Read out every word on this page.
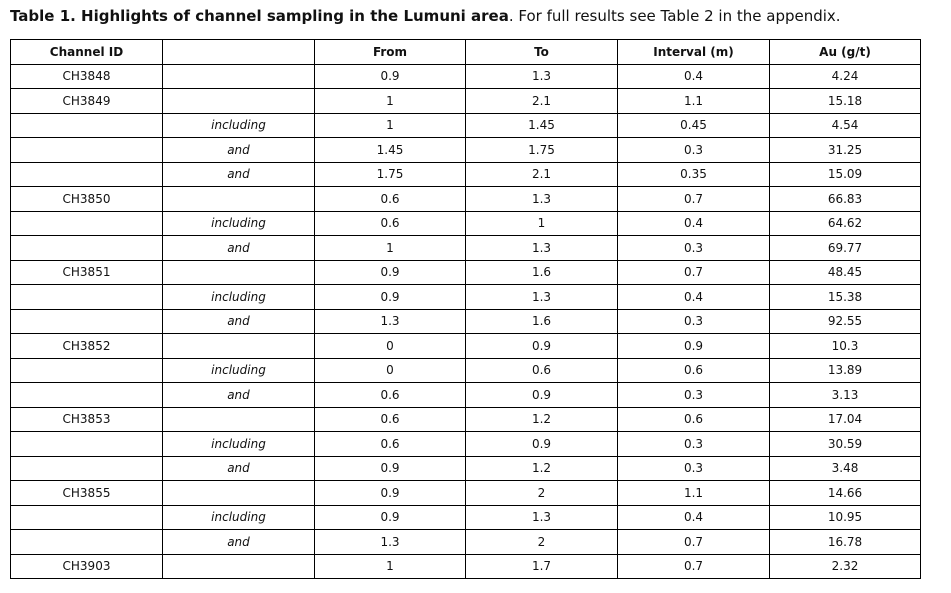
Table 1. Highlights of channel sampling in the Lumuni area. For full results see Table 2 in the appendix.
Channel ID		From	To	Interval (m)	Au (g/t)
CH3848		0.9	1.3	0.4	4.24
CH3849		1	2.1	1.1	15.18
	including	1	1.45	0.45	4.54
	and	1.45	1.75	0.3	31.25
	and	1.75	2.1	0.35	15.09
CH3850		0.6	1.3	0.7	66.83
	including	0.6	1	0.4	64.62
	and	1	1.3	0.3	69.77
CH3851		0.9	1.6	0.7	48.45
	including	0.9	1.3	0.4	15.38
	and	1.3	1.6	0.3	92.55
CH3852		0	0.9	0.9	10.3
	including	0	0.6	0.6	13.89
	and	0.6	0.9	0.3	3.13
CH3853		0.6	1.2	0.6	17.04
	including	0.6	0.9	0.3	30.59
	and	0.9	1.2	0.3	3.48
CH3855		0.9	2	1.1	14.66
	including	0.9	1.3	0.4	10.95
	and	1.3	2	0.7	16.78
CH3903		1	1.7	0.7	2.32
